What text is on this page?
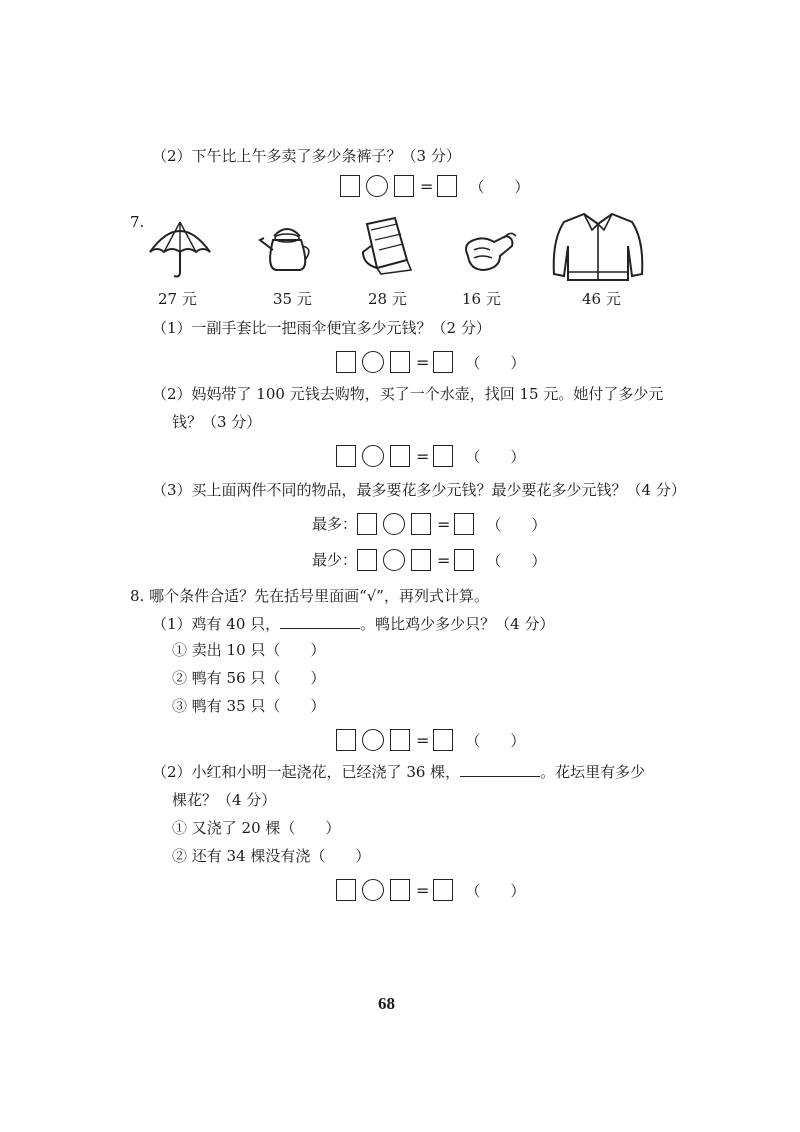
（2）下午比上午多卖了多少条裤子？（3 分）
= （　　）
7.
27 元	35 元	28 元	16 元	46 元
（1）一副手套比一把雨伞便宜多少元钱？（2 分）
= （　　）
（2）妈妈带了 100 元钱去购物，买了一个水壶，找回 15 元。她付了多少元
钱？（3 分）
= （　　）
（3）买上面两件不同的物品，最多要花多少元钱？最少要花多少元钱？（4 分）
最多：	= （　　）
最少：	= （　　）
8. 哪个条件合适？先在括号里面画“√”，再列式计算。
（1）鸡有 40 只，	。鸭比鸡少多少只？（4 分）
① 卖出 10 只（　　）
② 鸭有 56 只（　　）
③ 鸭有 35 只（　　）
= （　　）
（2）小红和小明一起浇花，已经浇了 36 棵，	。花坛里有多少
棵花？（4 分）
① 又浇了 20 棵（　　）
② 还有 34 棵没有浇（　　）
= （　　）
68
